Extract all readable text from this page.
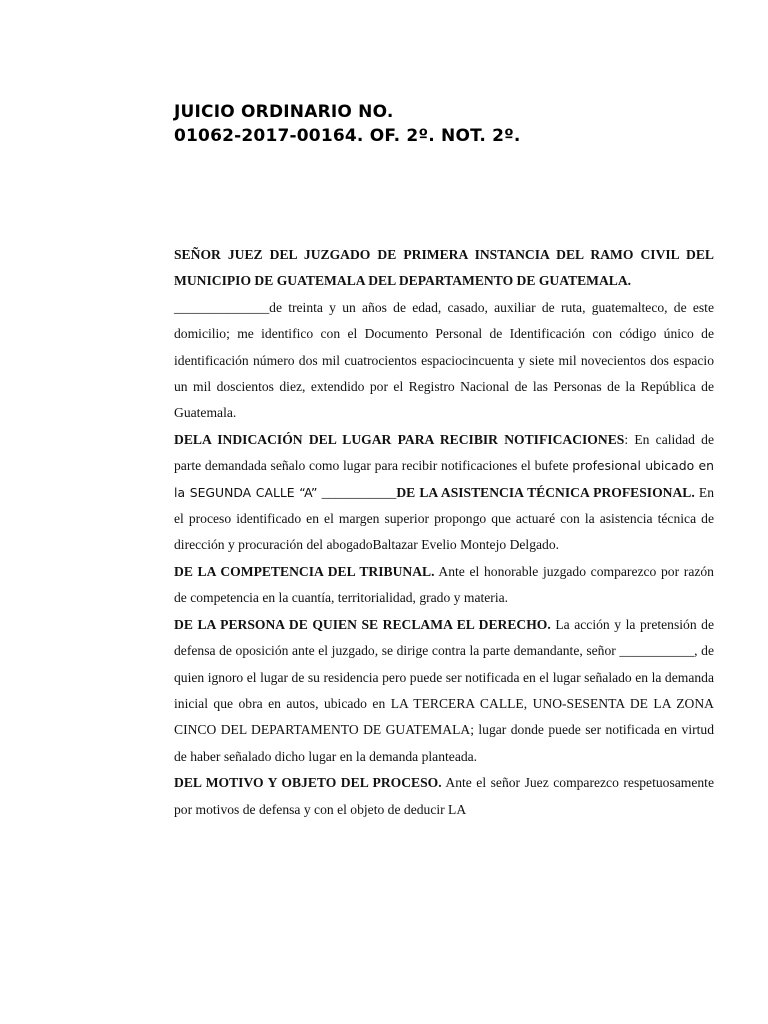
JUICIO ORDINARIO NO.
01062-2017-00164. OF. 2º. NOT. 2º.

SEÑOR JUEZ DEL JUZGADO DE PRIMERA INSTANCIA DEL RAMO CIVIL DEL MUNICIPIO DE GUATEMALA DEL DEPARTAMENTO DE GUATEMALA.

______________de treinta y un años de edad, casado, auxiliar de ruta, guatemalteco, de este domicilio; me identifico con el Documento Personal de Identificación con código único de identificación número dos mil cuatrocientos espaciocincuenta y siete mil novecientos dos espacio un mil doscientos diez, extendido por el Registro Nacional de las Personas de la República de Guatemala.

DELA INDICACIÓN DEL LUGAR PARA RECIBIR NOTIFICACIONES: En calidad de parte demandada señalo como lugar para recibir notificaciones el bufete profesional ubicado en la SEGUNDA CALLE “A” ___________DE LA ASISTENCIA TÉCNICA PROFESIONAL. En el proceso identificado en el margen superior propongo que actuaré con la asistencia técnica de dirección y procuración del abogadoBaltazar Evelio Montejo Delgado.

DE LA COMPETENCIA DEL TRIBUNAL. Ante el honorable juzgado comparezco por razón de competencia en la cuantía, territorialidad, grado y materia.

DE LA PERSONA DE QUIEN SE RECLAMA EL DERECHO. La acción y la pretensión de defensa de oposición ante el juzgado, se dirige contra la parte demandante, señor ___________, de quien ignoro el lugar de su residencia pero puede ser notificada en el lugar señalado en la demanda inicial que obra en autos, ubicado en LA TERCERA CALLE, UNO-SESENTA DE LA ZONA CINCO DEL DEPARTAMENTO DE GUATEMALA; lugar donde puede ser notificada en virtud de haber señalado dicho lugar en la demanda planteada.

DEL MOTIVO Y OBJETO DEL PROCESO. Ante el señor Juez comparezco respetuosamente por motivos de defensa y con el objeto de deducir LA
